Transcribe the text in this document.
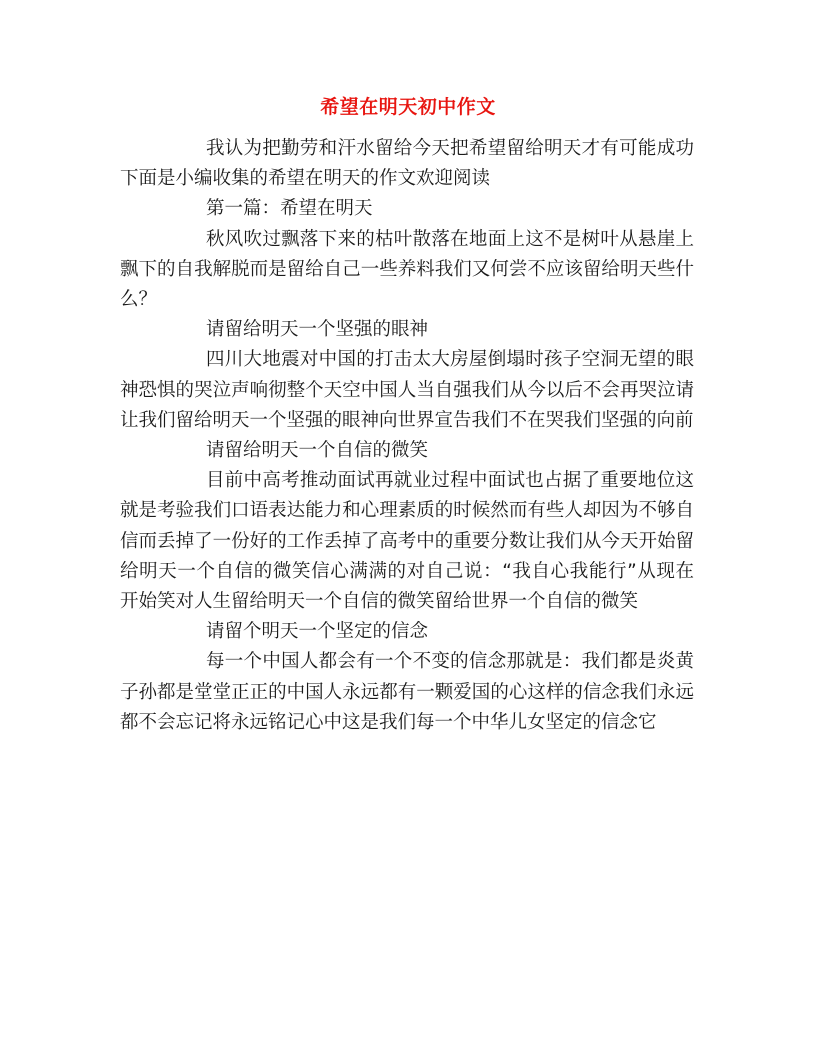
希望在明天初中作文

我认为把勤劳和汗水留给今天把希望留给明天才有可能成功下面是小编收集的希望在明天的作文欢迎阅读

第一篇：希望在明天

秋风吹过飘落下来的枯叶散落在地面上这不是树叶从悬崖上飘下的自我解脱而是留给自己一些养料我们又何尝不应该留给明天些什么？

请留给明天一个坚强的眼神

四川大地震对中国的打击太大房屋倒塌时孩子空洞无望的眼神恐惧的哭泣声响彻整个天空中国人当自强我们从今以后不会再哭泣请让我们留给明天一个坚强的眼神向世界宣告我们不在哭我们坚强的向前

请留给明天一个自信的微笑

目前中高考推动面试再就业过程中面试也占据了重要地位这就是考验我们口语表达能力和心理素质的时候然而有些人却因为不够自信而丢掉了一份好的工作丢掉了高考中的重要分数让我们从今天开始留给明天一个自信的微笑信心满满的对自己说：“我自心我能行”从现在开始笑对人生留给明天一个自信的微笑留给世界一个自信的微笑

请留个明天一个坚定的信念

每一个中国人都会有一个不变的信念那就是：我们都是炎黄子孙都是堂堂正正的中国人永远都有一颗爱国的心这样的信念我们永远都不会忘记将永远铭记心中这是我们每一个中华儿女坚定的信念它
